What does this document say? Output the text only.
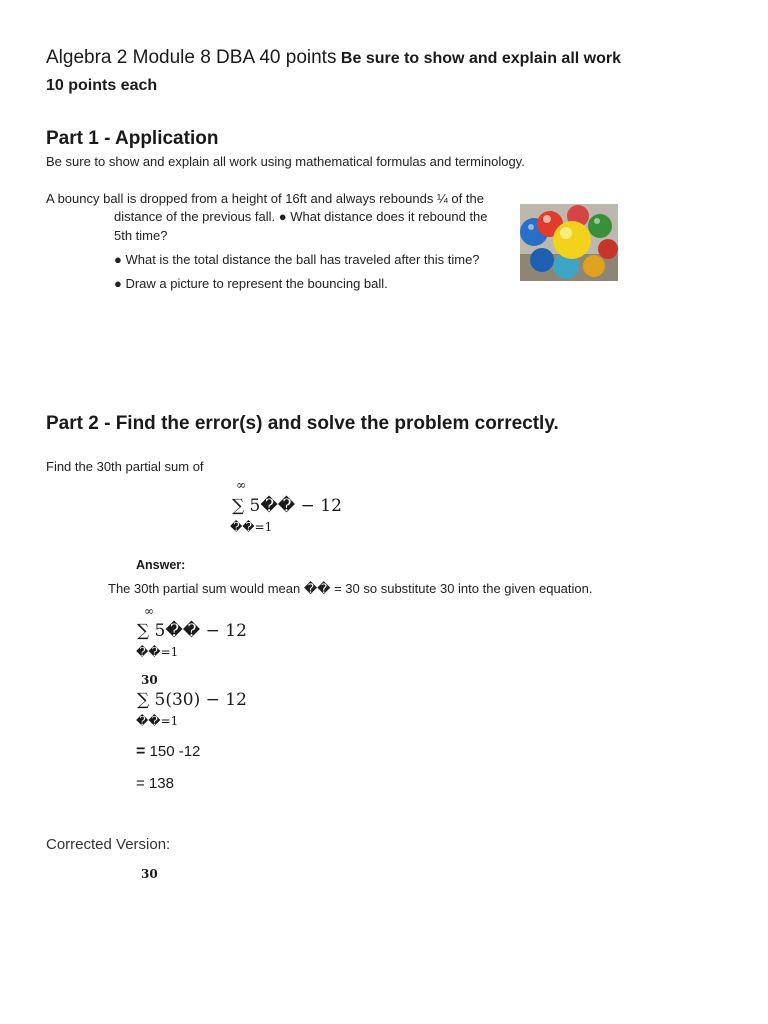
Algebra 2 Module 8 DBA 40 points Be sure to show and explain all work
10 points each
Part 1 - Application
Be sure to show and explain all work using mathematical formulas and terminology.
A bouncy ball is dropped from a height of 16ft and always rebounds ¼ of the
distance of the previous fall. ● What distance does it rebound the
5th time?
● What is the total distance the ball has traveled after this time?
● Draw a picture to represent the bouncing ball.
Part 2 - Find the error(s) and solve the problem correctly.
Find the 30th partial sum of
∞
∑ 5�� − 12
��=1
Answer:
The 30th partial sum would mean �� = 30 so substitute 30 into the given equation.
∞
∑ 5�� − 12
��=1
30
∑ 5(30) − 12
��=1
= 150 -12
= 138
Corrected Version:
30
